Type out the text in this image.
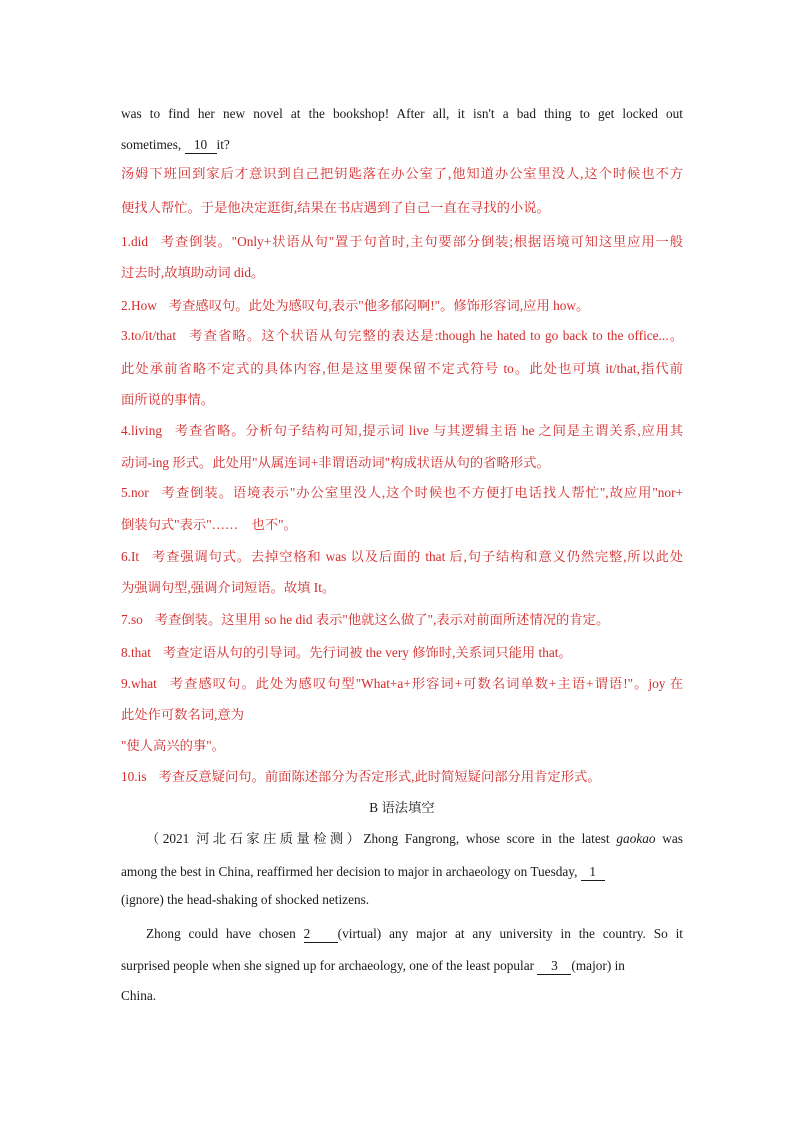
was to find her new novel at the bookshop! After all, it isn't a bad thing to get locked out
sometimes, 10 it?
汤姆下班回到家后才意识到自己把钥匙落在办公室了,他知道办公室里没人,这个时候也不方
便找人帮忙。于是他决定逛街,结果在书店遇到了自己一直在寻找的小说。
1.did 考查倒装。"Only+状语从句"置于句首时,主句要部分倒装;根据语境可知这里应用一般
过去时,故填助动词 did。
2.How 考查感叹句。此处为感叹句,表示"他多郁闷啊!"。修饰形容词,应用 how。
3.to/it/that 考查省略。这个状语从句完整的表达是:though he hated to go back to the office...。
此处承前省略不定式的具体内容,但是这里要保留不定式符号 to。此处也可填 it/that,指代前
面所说的事情。
4.living 考查省略。分析句子结构可知,提示词 live 与其逻辑主语 he 之间是主谓关系,应用其
动词-ing 形式。此处用"从属连词+非谓语动词"构成状语从句的省略形式。
5.nor 考查倒装。语境表示"办公室里没人,这个时候也不方便打电话找人帮忙",故应用"nor+
倒装句式"表示"……　也不"。
6.It 考查强调句式。去掉空格和 was 以及后面的 that 后,句子结构和意义仍然完整,所以此处
为强调句型,强调介词短语。故填 It。
7.so 考查倒装。这里用 so he did 表示"他就这么做了",表示对前面所述情况的肯定。
8.that 考查定语从句的引导词。先行词被 the very 修饰时,关系词只能用 that。
9.what 考查感叹句。此处为感叹句型"What+a+形容词+可数名词单数+主语+谓语!"。joy 在
此处作可数名词,意为
"使人高兴的事"。
10.is 考查反意疑问句。前面陈述部分为否定形式,此时简短疑问部分用肯定形式。
B 语法填空
（2021 河北石家庄质量检测）Zhong Fangrong, whose score in the latest gaokao was
among the best in China, reaffirmed her decision to major in archaeology on Tuesday, 1
(ignore) the head-shaking of shocked netizens.
Zhong could have chosen 2 (virtual) any major at any university in the country. So it
surprised people when she signed up for archaeology, one of the least popular 3 (major) in
China.
